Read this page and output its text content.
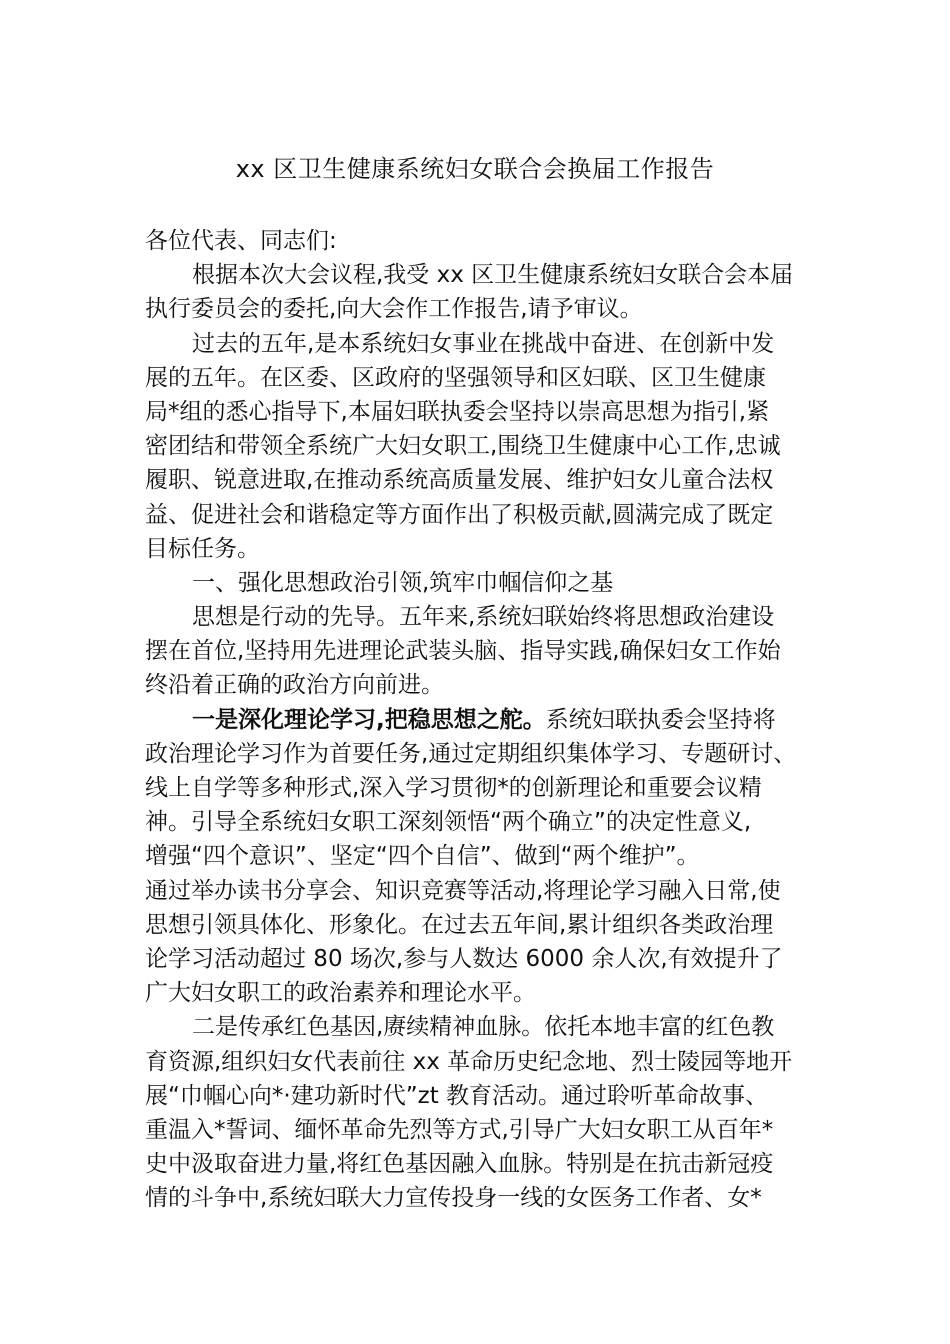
xx 区卫生健康系统妇女联合会换届工作报告
各位代表、同志们:
根据本次大会议程,我受 xx 区卫生健康系统妇女联合会本届
执行委员会的委托,向大会作工作报告,请予审议。
过去的五年,是本系统妇女事业在挑战中奋进、在创新中发
展的五年。在区委、区政府的坚强领导和区妇联、区卫生健康
局*组的悉心指导下,本届妇联执委会坚持以崇高思想为指引,紧
密团结和带领全系统广大妇女职工,围绕卫生健康中心工作,忠诚
履职、锐意进取,在推动系统高质量发展、维护妇女儿童合法权
益、促进社会和谐稳定等方面作出了积极贡献,圆满完成了既定
目标任务。
一、强化思想政治引领,筑牢巾帼信仰之基
思想是行动的先导。五年来,系统妇联始终将思想政治建设
摆在首位,坚持用先进理论武装头脑、指导实践,确保妇女工作始
终沿着正确的政治方向前进。
一是深化理论学习,把稳思想之舵。系统妇联执委会坚持将
政治理论学习作为首要任务,通过定期组织集体学习、专题研讨、
线上自学等多种形式,深入学习贯彻*的创新理论和重要会议精
神。引导全系统妇女职工深刻领悟“两个确立”的决定性意义,
增强“四个意识”、坚定“四个自信”、做到“两个维护”。
通过举办读书分享会、知识竞赛等活动,将理论学习融入日常,使
思想引领具体化、形象化。在过去五年间,累计组织各类政治理
论学习活动超过 80 场次,参与人数达 6000 余人次,有效提升了
广大妇女职工的政治素养和理论水平。
二是传承红色基因,赓续精神血脉。依托本地丰富的红色教
育资源,组织妇女代表前往 xx 革命历史纪念地、烈士陵园等地开
展“巾帼心向*·建功新时代”zt 教育活动。通过聆听革命故事、
重温入*誓词、缅怀革命先烈等方式,引导广大妇女职工从百年*
史中汲取奋进力量,将红色基因融入血脉。特别是在抗击新冠疫
情的斗争中,系统妇联大力宣传投身一线的女医务工作者、女*
